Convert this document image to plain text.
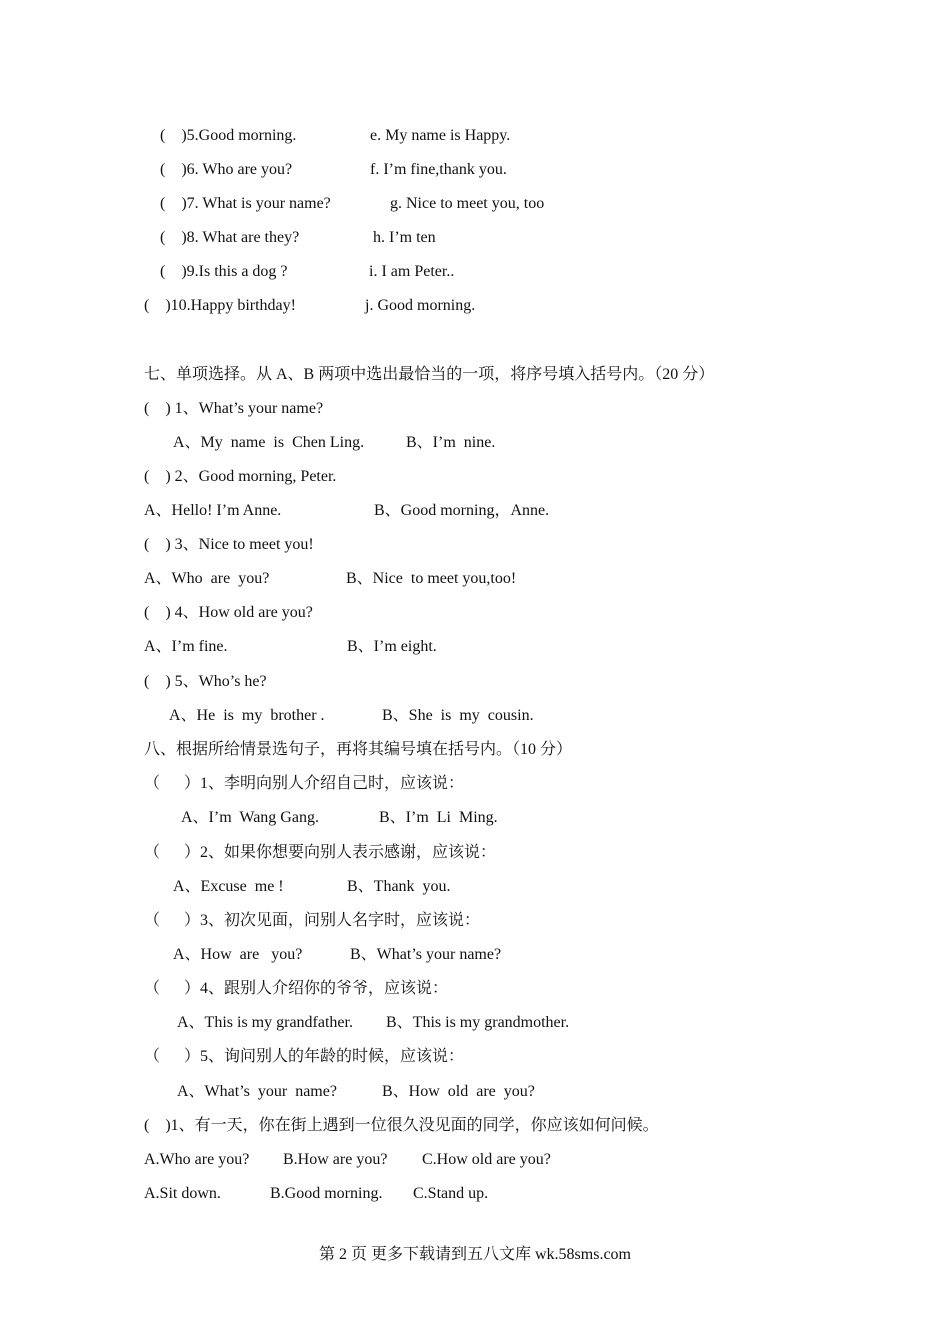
(    )5.Good morning.	e. My name is Happy.
(    )6. Who are you?	f. I’m fine,thank you.
(    )7. What is your name?	g. Nice to meet you, too
(    )8. What are they?	h. I’m ten
(    )9.Is this a dog ?	i. I am Peter..
(    )10.Happy birthday!	j. Good morning.
七、单项选择。从 A、B 两项中选出最恰当的一项，将序号填入括号内。（20 分）
(    ) 1、What’s your name?
A、My  name  is  Chen Ling.	B、I’m  nine.
(    ) 2、Good morning, Peter.
A、Hello! I’m Anne.	B、Good morning，Anne.
(    ) 3、Nice to meet you!
A、Who  are  you?	B、Nice  to meet you,too!
(    ) 4、How old are you?
A、I’m fine.	B、I’m eight.
(    ) 5、Who’s he?
A、He  is  my  brother .	B、She  is  my  cousin.
八、根据所给情景选句子，再将其编号填在括号内。（10 分）
（      ）1、李明向别人介绍自己时，应该说：
A、I’m  Wang Gang.	B、I’m  Li  Ming.
（      ）2、如果你想要向别人表示感谢，应该说：
A、Excuse  me !	B、Thank  you.
（      ）3、初次见面，问别人名字时，应该说：
A、How  are   you?	B、What’s your name?
（      ）4、跟别人介绍你的爷爷，应该说：
A、This is my grandfather. B、This is my grandmother.
（      ）5、询问别人的年龄的时候，应该说：
A、What’s  your  name?	B、How  old  are  you?
(    )1、有一天，你在街上遇到一位很久没见面的同学，你应该如何问候。
A.Who are you? B.How are you? C.How old are you?
A.Sit down.	B.Good morning. C.Stand up.
第 2 页 更多下载请到五八文库 wk.58sms.com
